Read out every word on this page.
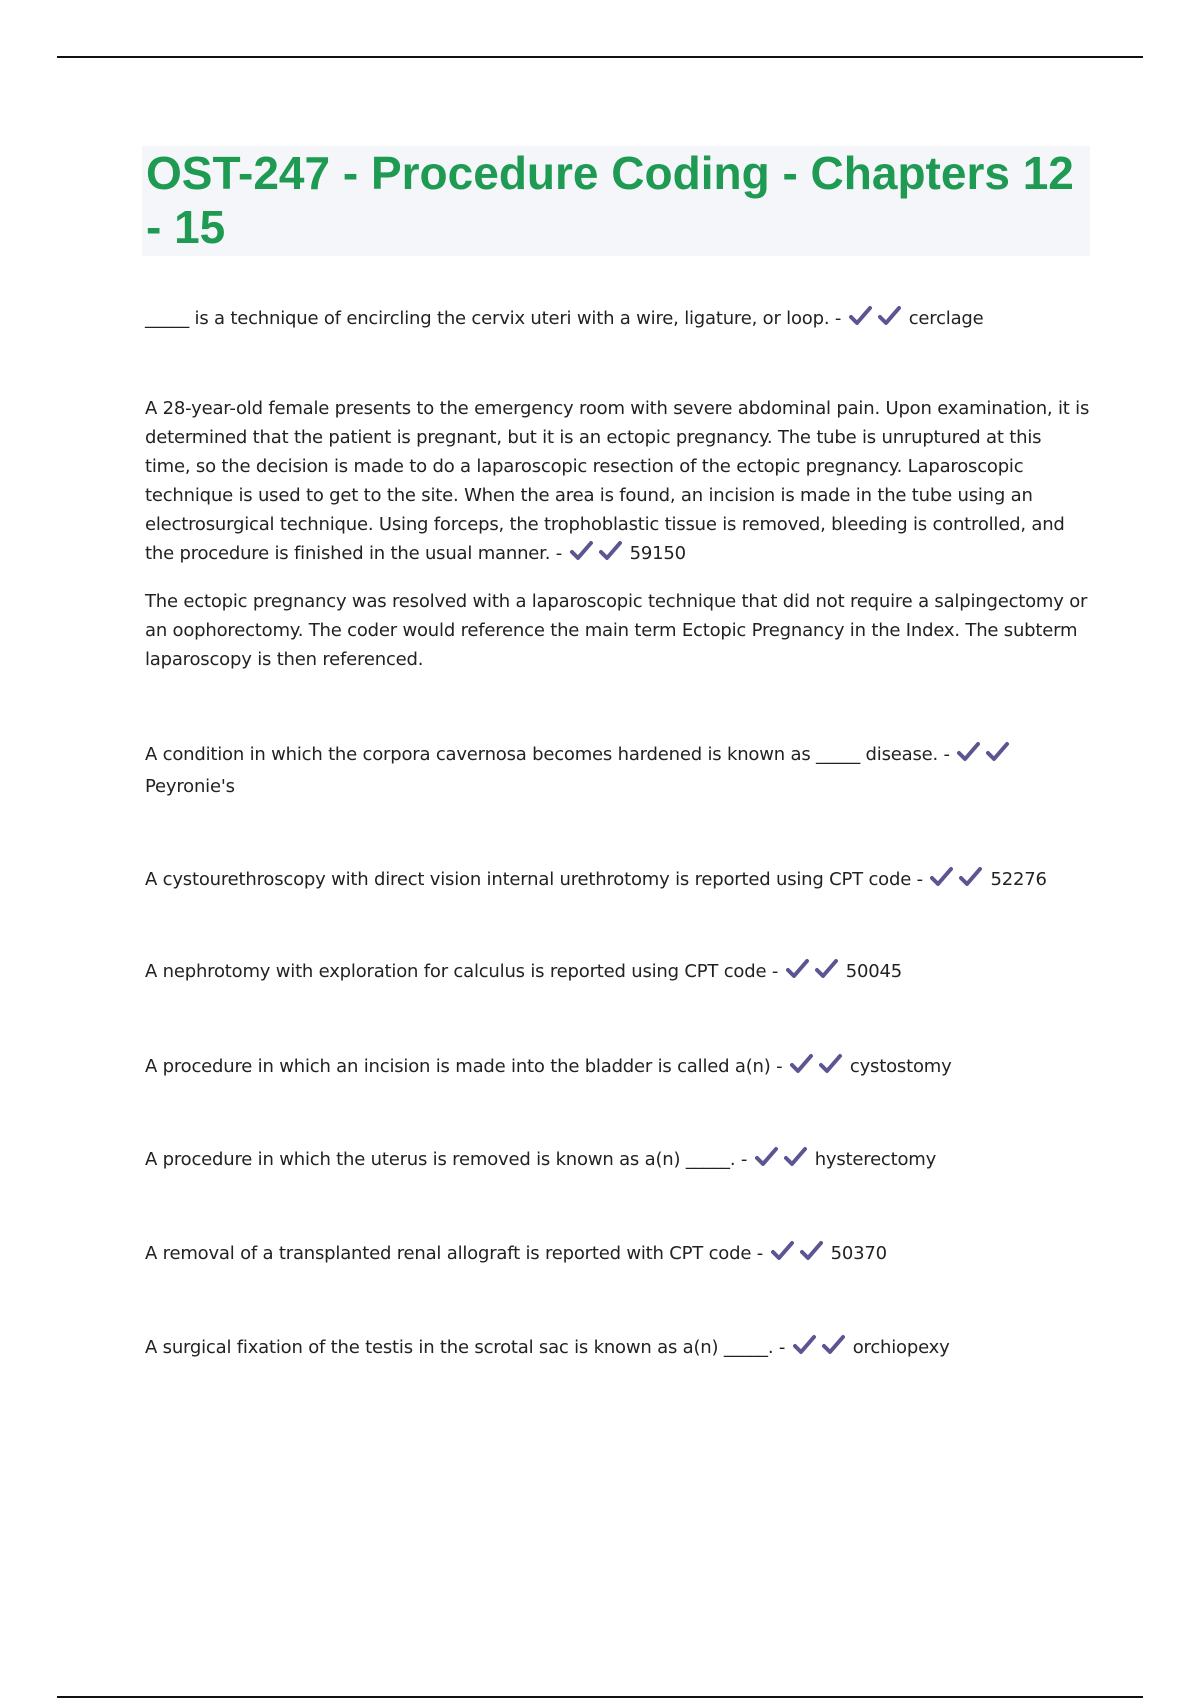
OST-247 - Procedure Coding - Chapters 12 - 15

_____ is a technique of encircling the cervix uteri with a wire, ligature, or loop. -	cerclage

A 28-year-old female presents to the emergency room with severe abdominal pain. Upon examination, it is determined that the patient is pregnant, but it is an ectopic pregnancy. The tube is unruptured at this time, so the decision is made to do a laparoscopic resection of the ectopic pregnancy. Laparoscopic technique is used to get to the site. When the area is found, an incision is made in the tube using an electrosurgical technique. Using forceps, the trophoblastic tissue is removed, bleeding is controlled, and the procedure is finished in the usual manner. -	59150

The ectopic pregnancy was resolved with a laparoscopic technique that did not require a salpingectomy or an oophorectomy. The coder would reference the main term Ectopic Pregnancy in the Index. The subterm laparoscopy is then referenced.

A condition in which the corpora cavernosa becomes hardened is known as _____ disease. -
Peyronie's

A cystourethroscopy with direct vision internal urethrotomy is reported using CPT code -	52276

A nephrotomy with exploration for calculus is reported using CPT code -	50045

A procedure in which an incision is made into the bladder is called a(n) -	cystostomy

A procedure in which the uterus is removed is known as a(n) _____. -	hysterectomy

A removal of a transplanted renal allograft is reported with CPT code -	50370

A surgical fixation of the testis in the scrotal sac is known as a(n) _____. -	orchiopexy
